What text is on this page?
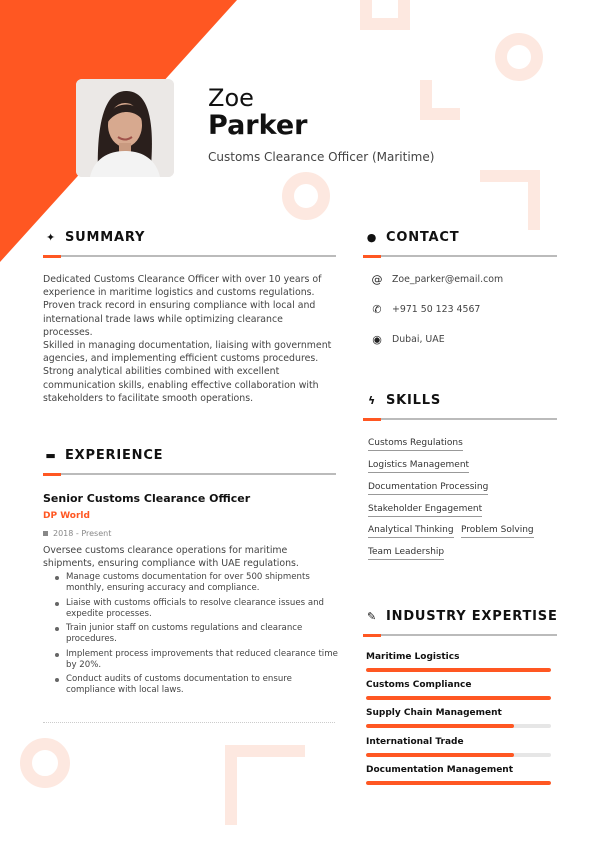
Zoe
Parker
Customs Clearance Officer (Maritime)
✦ SUMMARY
Dedicated Customs Clearance Officer with over 10 years of experience in maritime logistics and customs regulations. Proven track record in ensuring compliance with local and international trade laws while optimizing clearance processes.
Skilled in managing documentation, liaising with government agencies, and implementing efficient customs procedures. Strong analytical abilities combined with excellent communication skills, enabling effective collaboration with stakeholders to facilitate smooth operations.
▬ EXPERIENCE
Senior Customs Clearance Officer
DP World
2018 - Present
Oversee customs clearance operations for maritime shipments, ensuring compliance with UAE regulations.
Manage customs documentation for over 500 shipments monthly, ensuring accuracy and compliance.
Liaise with customs officials to resolve clearance issues and expedite processes.
Train junior staff on customs regulations and clearance procedures.
Implement process improvements that reduced clearance time by 20%.
Conduct audits of customs documentation to ensure compliance with local laws.
● CONTACT
@ Zoe_parker@email.com
✆ +971 50 123 4567
◉ Dubai, UAE
ϟ SKILLS
Customs Regulations
Logistics Management
Documentation Processing
Stakeholder Engagement
Analytical Thinking Problem Solving
Team Leadership
✎ INDUSTRY EXPERTISE
Maritime Logistics
Customs Compliance
Supply Chain Management
International Trade
Documentation Management
